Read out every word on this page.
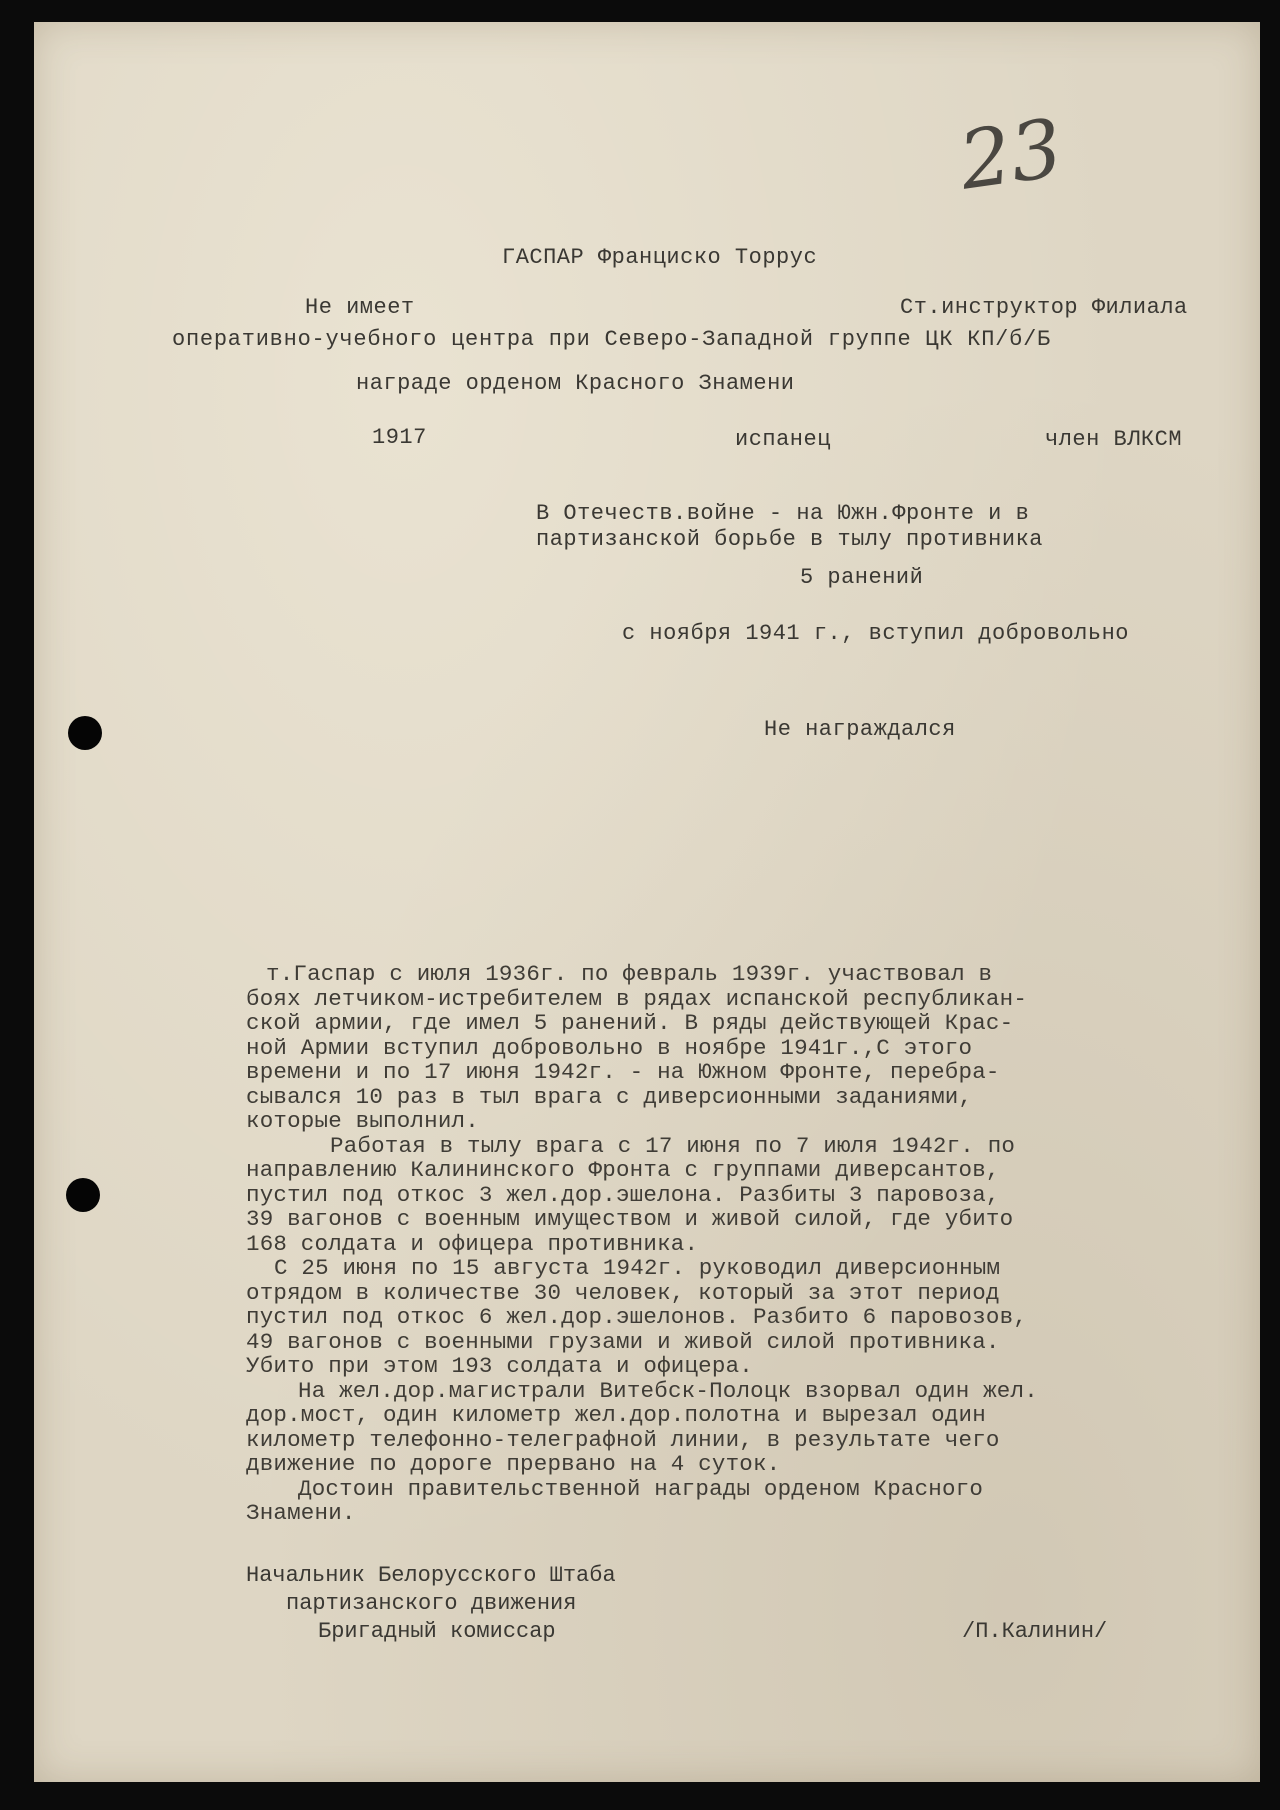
23

ГАСПАР Франциско Торрус

Не имеет	Ст.инструктор Филиала

оперативно-учебного центра при Северо-Западной группе ЦК КП/б/Б

награде орденом Красного Знамени

1917	испанец	член ВЛКСМ

В Отечеств.войне - на Южн.Фронте и в

партизанской борьбе в тылу противника

5 ранений

с ноября 1941 г., вступил добровольно

Не награждался

т.Гаспар с июля 1936г. по февраль 1939г. участвовал в
боях летчиком-истребителем в рядах испанской республикан-
ской армии, где имел 5 ранений. В ряды действующей Крас-
ной Армии вступил добровольно в ноябре 1941г.,С этого
времени и по 17 июня 1942г. - на Южном Фронте, перебра-
сывался 10 раз в тыл врага с диверсионными заданиями,
которые выполнил.
Работая в тылу врага с 17 июня по 7 июля 1942г. по
направлению Калининского Фронта с группами диверсантов,
пустил под откос 3 жел.дор.эшелона. Разбиты 3 паровоза,
39 вагонов с военным имуществом и живой силой, где убито
168 солдата и офицера противника.
С 25 июня по 15 августа 1942г. руководил диверсионным
отрядом в количестве 30 человек, который за этот период
пустил под откос 6 жел.дор.эшелонов. Разбито 6 паровозов,
49 вагонов с военными грузами и живой силой противника.
Убито при этом 193 солдата и офицера.
На жел.дор.магистрали Витебск-Полоцк взорвал один жел.
дор.мост, один километр жел.дор.полотна и вырезал один
километр телефонно-телеграфной линии, в результате чего
движение по дороге прервано на 4 суток.
Достоин правительственной награды орденом Красного
Знамени.

Начальник Белорусского Штаба

партизанского движения

Бригадный комиссар	/П.Калинин/
